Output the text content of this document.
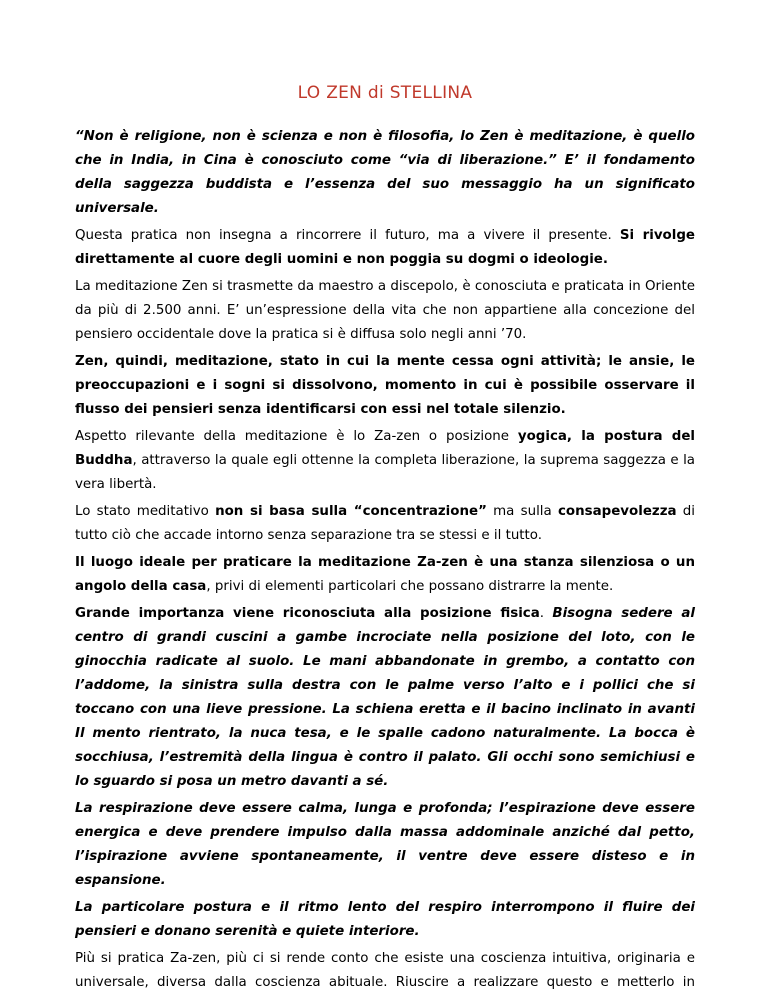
LO ZEN di STELLINA

“Non è religione, non è scienza e non è filosofia, lo Zen è meditazione, è quello che in India, in Cina è conosciuto come “via di liberazione.” E’ il fondamento della saggezza buddista e l’essenza del suo messaggio ha un significato universale.

Questa pratica non insegna a rincorrere il futuro, ma a vivere il presente. Si rivolge direttamente al cuore degli uomini e non poggia su dogmi o ideologie.

La meditazione Zen si trasmette da maestro a discepolo, è conosciuta e praticata in Oriente da più di 2.500 anni. E’ un’espressione della vita che non appartiene alla concezione del pensiero occidentale dove la pratica si è diffusa solo negli anni ’70.

Zen, quindi, meditazione, stato in cui la mente cessa ogni attività; le ansie, le preoccupazioni e i sogni si dissolvono, momento in cui è possibile osservare il flusso dei pensieri senza identificarsi con essi nel totale silenzio.

Aspetto rilevante della meditazione è lo Za-zen o posizione yogica, la postura del Buddha, attraverso la quale egli ottenne la completa liberazione, la suprema saggezza e la vera libertà.

Lo stato meditativo non si basa sulla “concentrazione” ma sulla consapevolezza di tutto ciò che accade intorno senza separazione tra se stessi e il tutto.

Il luogo ideale per praticare la meditazione Za-zen è una stanza silenziosa o un angolo della casa, privi di elementi particolari che possano distrarre la mente.

Grande importanza viene riconosciuta alla posizione fisica. Bisogna sedere al centro di grandi cuscini a gambe incrociate nella posizione del loto, con le ginocchia radicate al suolo. Le mani abbandonate in grembo, a contatto con l’addome, la sinistra sulla destra con le palme verso l’alto e i pollici che si toccano con una lieve pressione. La schiena eretta e il bacino inclinato in avanti Il mento rientrato, la nuca tesa, e le spalle cadono naturalmente. La bocca è socchiusa, l’estremità della lingua è contro il palato. Gli occhi sono semichiusi e lo sguardo si posa un metro davanti a sé.

La respirazione deve essere calma, lunga e profonda; l’espirazione deve essere energica e deve prendere impulso dalla massa addominale anziché dal petto, l’ispirazione avviene spontaneamente, il ventre deve essere disteso e in espansione.

La particolare postura e il ritmo lento del respiro interrompono il fluire dei pensieri e donano serenità e quiete interiore.

Più si pratica Za-zen, più ci si rende conto che esiste una coscienza intuitiva, originaria e universale, diversa dalla coscienza abituale. Riuscire a realizzare questo e metterlo in
